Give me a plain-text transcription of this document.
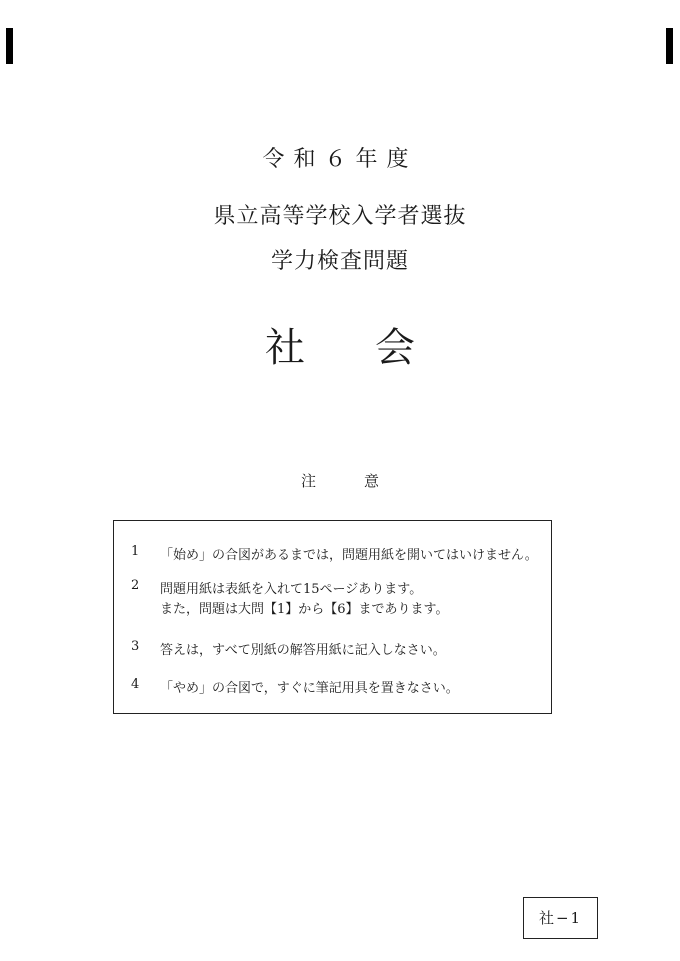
令和６年度
県立高等学校入学者選抜
学力検査問題
社会
注意
1	「始め」の合図があるまでは，問題用紙を開いてはいけません。
2	問題用紙は表紙を入れて15ページあります。
また，問題は大問【1】から【6】まであります。
3	答えは，すべて別紙の解答用紙に記入しなさい。
4	「やめ」の合図で，すぐに筆記用具を置きなさい。
社−1
